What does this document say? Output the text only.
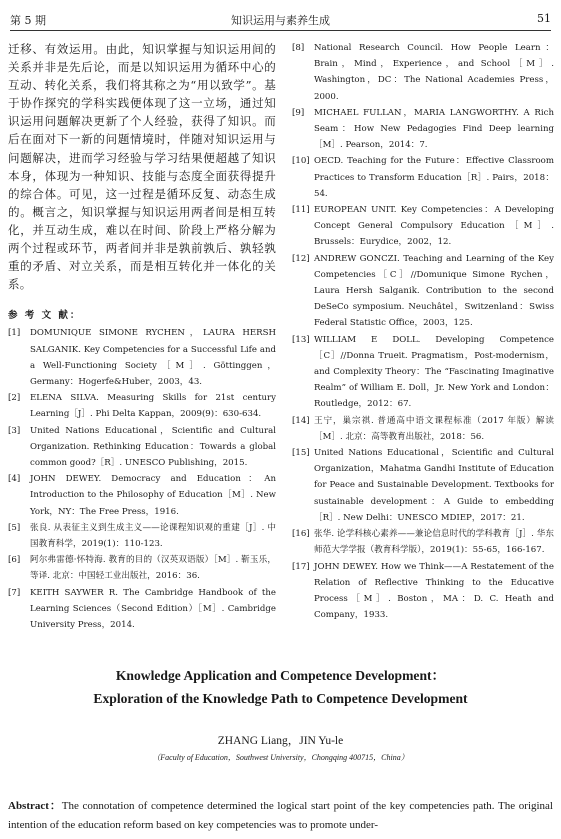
第 5 期	知识运用与素养生成	51

迁移、有效运用。由此，知识掌握与知识运用间的关系并非是先后论，而是以知识运用为循环中心的互动、转化关系，我们将其称之为“用以致学”。基于协作探究的学科实践便体现了这一立场，通过知识运用问题解决更新了个人经验，获得了知识。而后在面对下一新的问题情境时，伴随对知识运用与问题解决，进而学习经验与学习结果便超越了知识本身，体现为一种知识、技能与态度全面获得提升的综合体。可见，这一过程是循环反复、动态生成的。概言之，知识掌握与知识运用两者间是相互转化，并互动生成，难以在时间、阶段上严格分解为两个过程或环节，两者间并非是孰前孰后、孰轻孰重的矛盾、对立关系，而是相互转化并一体化的关系。

参 考 文 献：
[1]	DOMUNIQUE SIMONE RYCHEN，LAURA HERSH SALGANIK. Key Competencies for a Successful Life and a Well-Functioning Society［M］. Göttinggen，Germany：Hogerfe&Huber，2003，43.
[2]	ELENA SILVA. Measuring Skills for 21st century Learning［J］. Phi Delta Kappan，2009(9)：630-634.
[3]	United Nations Educational，Scientific and Cultural Organization. Rethinking Education：Towards a global common good?［R］. UNESCO Publishing，2015.
[4]	JOHN DEWEY. Democracy and Education：An Introduction to the Philosophy of Education［M］. New York，NY：The Free Press，1916.
[5]	张良. 从表征主义到生成主义——论课程知识观的重建［J］. 中国教育科学，2019(1)：110-123.
[6]	阿尔弗雷德·怀特海. 教育的目的（汉英双语版）［M］. 靳玉乐，等译. 北京：中国轻工业出版社，2016：36.
[7]	KEITH SAYWER R. The Cambridge Handbook of the Learning Sciences（Second Edition）［M］. Cambridge University Press，2014.
[8]	National Research Council. How People Learn：Brain，Mind，Experience，and School［M］. Washington，DC：The National Academies Press，2000.
[9]	MICHAEL FULLAN，MARIA LANGWORTHY. A Rich Seam：How New Pedagogies Find Deep learning［M］. Pearson，2014：7.
[10] OECD. Teaching for the Future：Effective Classroom Practices to Transform Education［R］. Pairs，2018：54.
[11] EUROPEAN UNIT. Key Competencies：A Developing Concept General Compulsory Education［M］. Brussels：Eurydice，2002，12.
[12] ANDREW GONCZI. Teaching and Learning of the Key Competencies［C］//Domunique Simone Rychen，Laura Hersh Salganik. Contribution to the second DeSeCo symposium. Neuchâtel，Switzenland：Swiss Federal Statistic Office，2003，125.
[13] WILLIAM E DOLL. Developing Competence［C］//Donna Trueit. Pragmatism，Post-modernism，and Complexity Theory：The “Fascinating Imaginative Realm” of William E. Doll，Jr. New York and London：Routledge，2012：67.
[14] 王宁，巢宗祺. 普通高中语文课程标准（2017 年版）解读［M］. 北京：高等教育出版社，2018：56.
[15] United Nations Educational，Scientific and Cultural Organization，Mahatma Gandhi Institute of Education for Peace and Sustainable Development. Textbooks for sustainable development：A Guide to embedding［R］. New Delhi：UNESCO MDIEP，2017：21.
[16] 张华. 论学科核心素养——兼论信息时代的学科教育［J］. 华东师范大学学报（教育科学版），2019(1)：55-65，166-167.
[17] JOHN DEWEY. How we Think——A Restatement of the Relation of Reflective Thinking to the Educative Process［M］. Boston，MA：D. C. Heath and Company，1933.
Knowledge Application and Competence Development：
Exploration of the Knowledge Path to Competence Development
ZHANG Liang，JIN Yu-le
（Faculty of Education，Southwest University，Chongqing 400715，China）
Abstract：The connotation of competence determined the logical start point of the key competencies path. The original intention of the education reform based on key competencies was to promote under-
